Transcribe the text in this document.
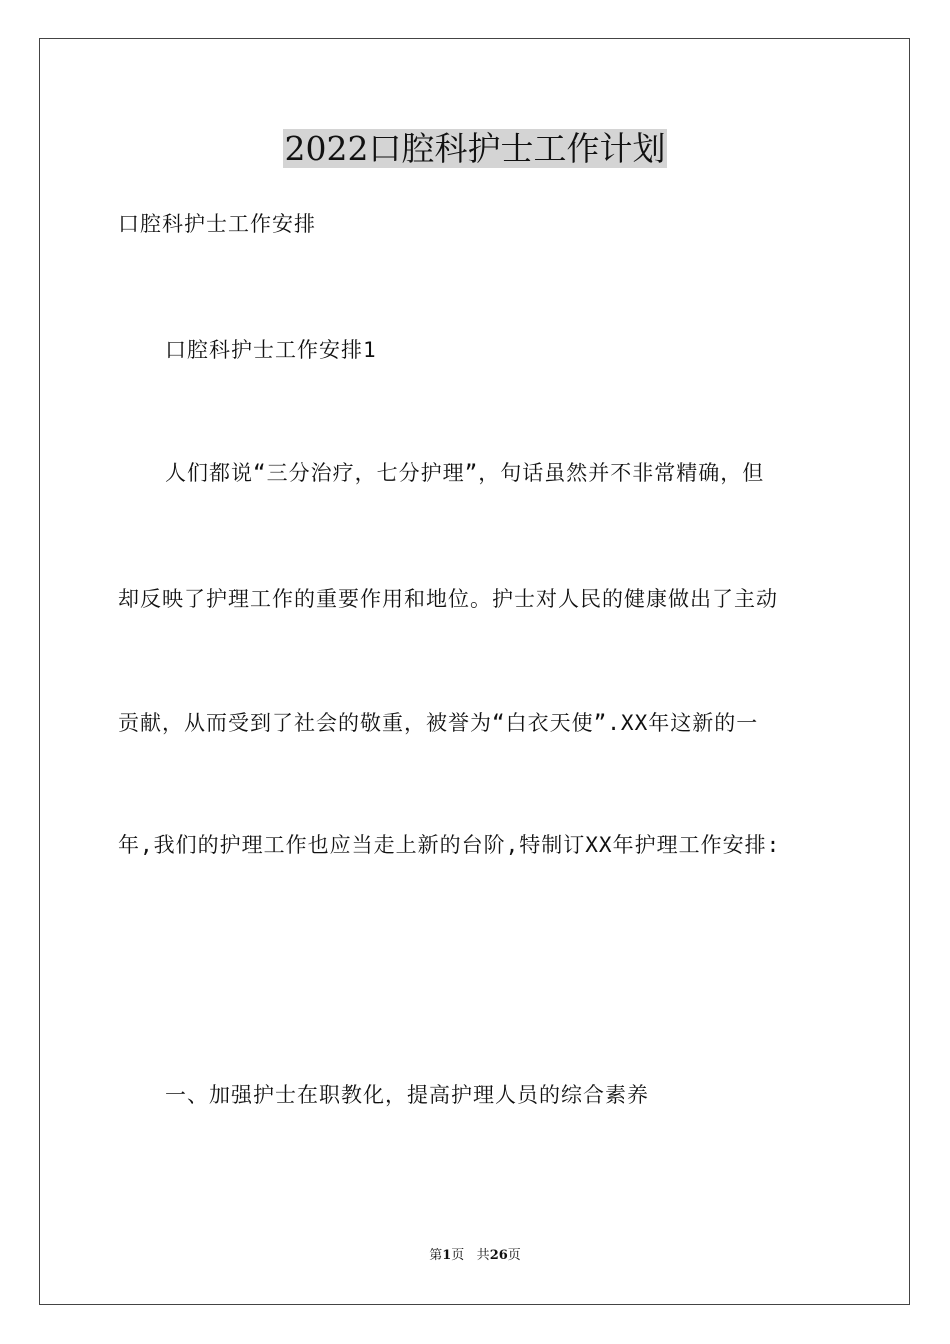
2022口腔科护士工作计划
口腔科护士工作安排
口腔科护士工作安排1
人们都说“三分治疗，七分护理”，句话虽然并不非常精确，但
却反映了护理工作的重要作用和地位。护士对人民的健康做出了主动
贡献，从而受到了社会的敬重，被誉为“白衣天使”.XX年这新的一
年,我们的护理工作也应当走上新的台阶,特制订XX年护理工作安排:
一、加强护士在职教化，提高护理人员的综合素养
第1页 共26页
